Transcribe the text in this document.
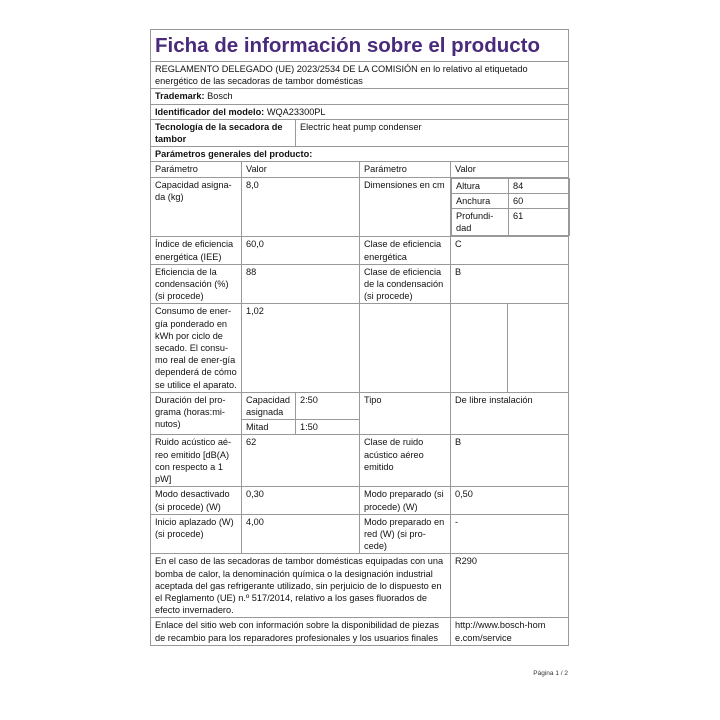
Ficha de información sobre el producto
REGLAMENTO DELEGADO (UE) 2023/2534 DE LA COMISIÓN en lo relativo al etiquetado energético de las secadoras de tambor domésticas
Trademark: Bosch
Identificador del modelo: WQA23300PL
Tecnología de la secadora de tambor	Electric heat pump condenser
Parámetros generales del producto:
Parámetro	Valor	Parámetro	Valor
Capacidad asigna-da (kg)	8,0	Dimensiones en cm	Altura	84
Anchura	60
Profundi-dad	61

Índice de eficiencia energética (IEE)	60,0	Clase de eficiencia energética	C
Eficiencia de la condensación (%) (si procede)	88	Clase de eficiencia de la condensación (si procede)	B
Consumo de ener-gía ponderado en kWh por ciclo de secado. El consu-mo real de ener-gía dependerá de cómo se utilice el aparato.	1,02			
Duración del pro-grama (horas:mi-nutos)	Capacidad asignada	2:50	Tipo	De libre instalación
Mitad	1:50
Ruido acústico aé-reo emitido [dB(A) con respecto a 1 pW]	62	Clase de ruido acústico aéreo emitido	B
Modo desactivado (si procede) (W)	0,30	Modo preparado (si procede) (W)	0,50
Inicio aplazado (W) (si procede)	4,00	Modo preparado en red (W) (si pro-cede)	-
En el caso de las secadoras de tambor domésticas equipadas con una bomba de calor, la denominación química o la designación industrial aceptada del gas refrigerante utilizado, sin perjuicio de lo dispuesto en el Reglamento (UE) n.º 517/2014, relativo a los gases fluorados de efecto invernadero.	R290
Enlace del sitio web con información sobre la disponibilidad de piezas de recambio para los reparadores profesionales y los usuarios finales	http://www.bosch-hom e.com/service
Página 1 / 2
